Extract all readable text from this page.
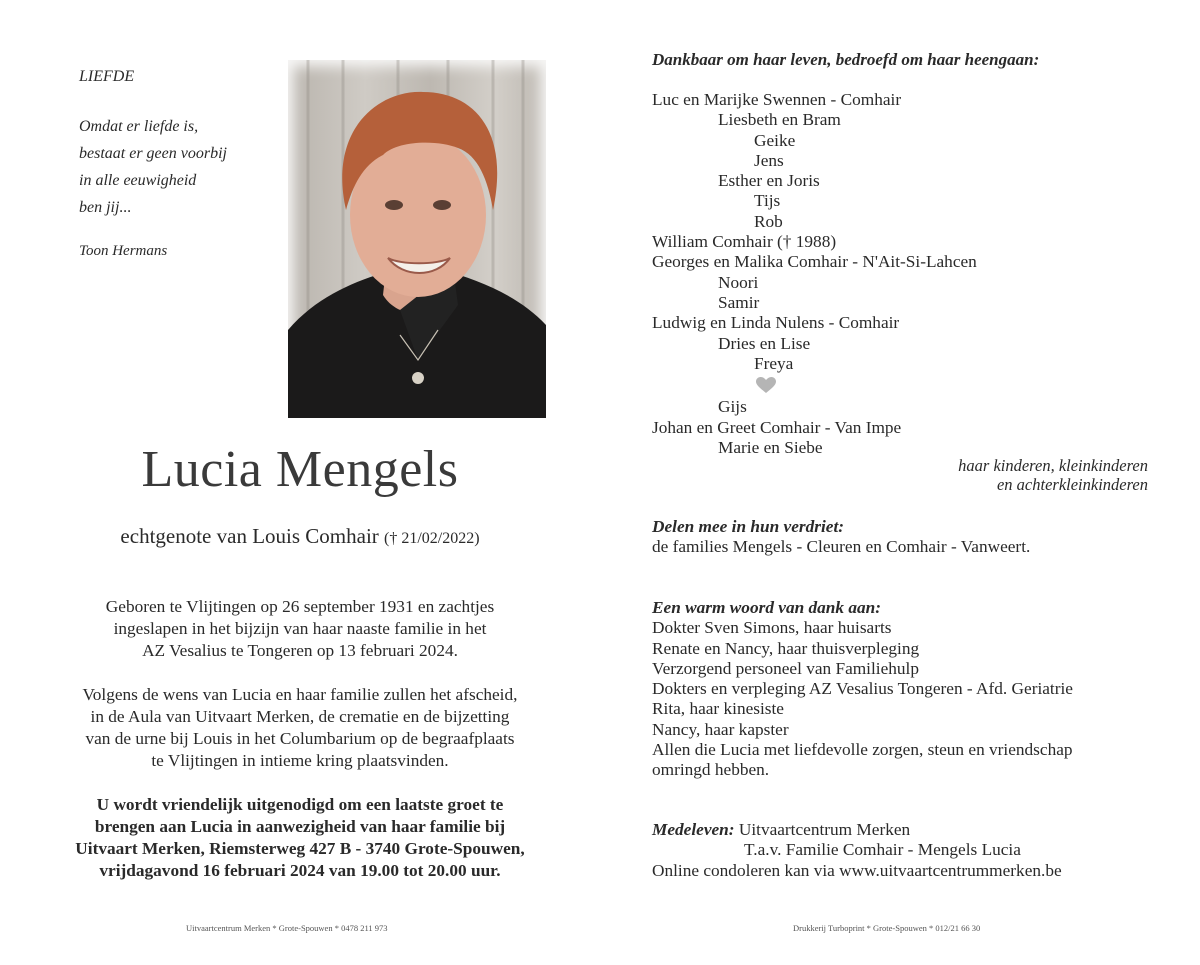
LIEFDE
Omdat er liefde is,
bestaat er geen voorbij
in alle eeuwigheid
ben jij...
Toon Hermans
Lucia Mengels
echtgenote van Louis Comhair († 21/02/2022)
Geboren te Vlijtingen op 26 september 1931 en zachtjes
ingeslapen in het bijzijn van haar naaste familie in het
AZ Vesalius te Tongeren op 13 februari 2024.
Volgens de wens van Lucia en haar familie zullen het afscheid,
in de Aula van Uitvaart Merken, de crematie en de bijzetting
van de urne bij Louis in het Columbarium op de begraafplaats
te Vlijtingen in intieme kring plaatsvinden.
U wordt vriendelijk uitgenodigd om een laatste groet te
brengen aan Lucia in aanwezigheid van haar familie bij
Uitvaart Merken, Riemsterweg 427 B - 3740 Grote-Spouwen,
vrijdagavond 16 februari 2024 van 19.00 tot 20.00 uur.
Uitvaartcentrum Merken * Grote-Spouwen * 0478 211 973
Dankbaar om haar leven, bedroefd om haar heengaan:
Luc en Marijke Swennen - Comhair
Liesbeth en Bram
Geike
Jens
Esther en Joris
Tijs
Rob
William Comhair († 1988)
Georges en Malika Comhair - N'Ait-Si-Lahcen
Noori
Samir
Ludwig en Linda Nulens - Comhair
Dries en Lise
Freya
Gijs
Johan en Greet Comhair - Van Impe
Marie en Siebe
haar kinderen, kleinkinderen
en achterkleinkinderen
Delen mee in hun verdriet:
de families Mengels - Cleuren en Comhair - Vanweert.
Een warm woord van dank aan:
Dokter Sven Simons, haar huisarts
Renate en Nancy, haar thuisverpleging
Verzorgend personeel van Familiehulp
Dokters en verpleging AZ Vesalius Tongeren - Afd. Geriatrie
Rita, haar kinesiste
Nancy, haar kapster
Allen die Lucia met liefdevolle zorgen, steun en vriendschap
omringd hebben.
Medeleven: Uitvaartcentrum Merken
T.a.v. Familie Comhair - Mengels Lucia
Online condoleren kan via www.uitvaartcentrummerken.be
Drukkerij Turboprint * Grote-Spouwen * 012/21 66 30
